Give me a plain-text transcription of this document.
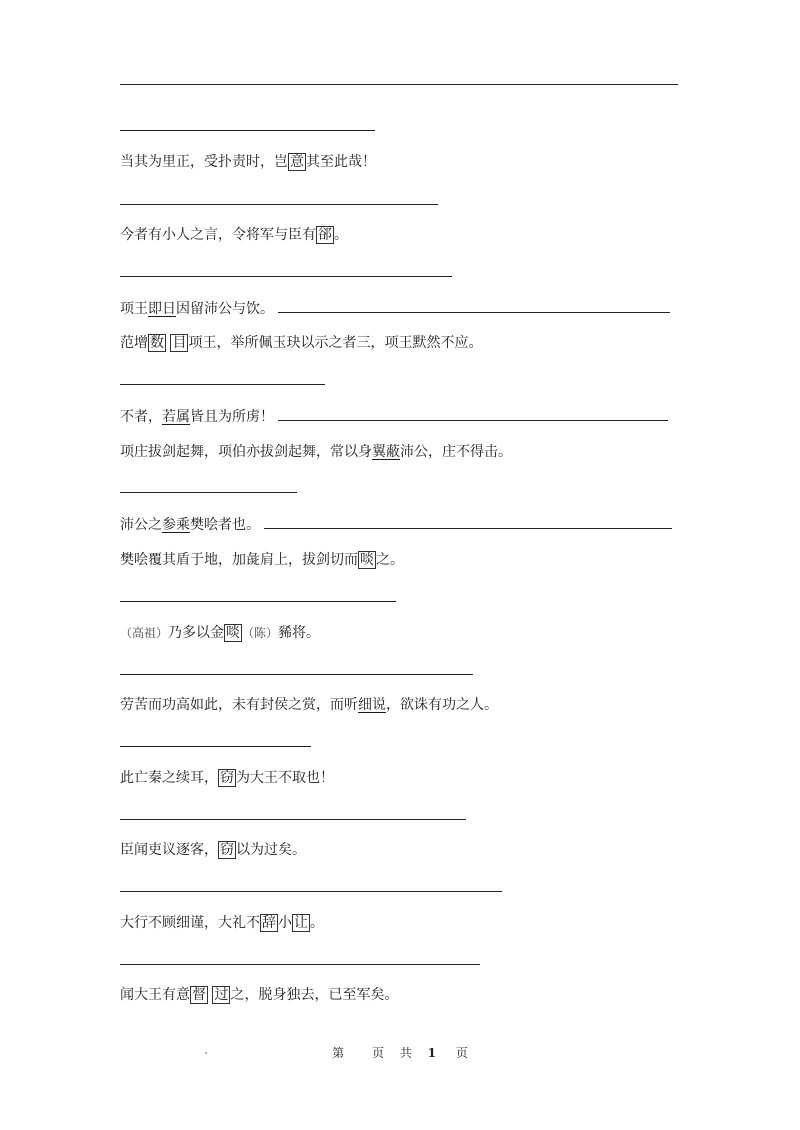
当其为里正，受扑责时，岂 意 其至此哉！
今者有小人之言，令将军与臣有 郤 。
项王即日因留沛公与饮。
范增 数 目 项王，举所佩玉玦以示之者三，项王默然不应。
不者，若属皆且为所虏！
项庄拔剑起舞，项伯亦拔剑起舞，常以身翼蔽沛公，庄不得击。
沛公之参乘樊哙者也。
樊哙覆其盾于地，加彘肩上，拔剑切而 啖 之。
（高祖）乃多以金 啖 （陈）豨将。
劳苦而功高如此，未有封侯之赏，而听细说，欲诛有功之人。
此亡秦之续耳， 窃 为大王不取也！
臣闻吏议逐客， 窃 以为过矣。
大行不顾细谨，大礼不 辞 小 让 。
闻大王有意 督 过 之，脱身独去，已至军矣。
第 页 共 1 页
